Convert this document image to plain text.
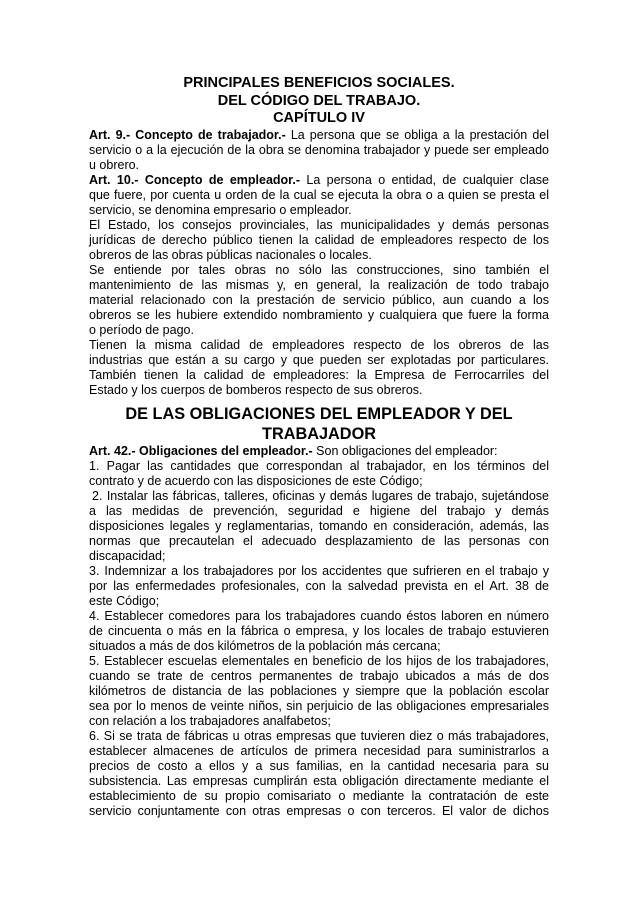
PRINCIPALES BENEFICIOS SOCIALES.
DEL CÓDIGO DEL TRABAJO.
CAPÍTULO IV
Art. 9.- Concepto de trabajador.- La persona que se obliga a la prestación del
servicio o a la ejecución de la obra se denomina trabajador y puede ser empleado
u obrero.
Art. 10.- Concepto de empleador.- La persona o entidad, de cualquier clase
que fuere, por cuenta u orden de la cual se ejecuta la obra o a quien se presta el
servicio, se denomina empresario o empleador.
El Estado, los consejos provinciales, las municipalidades y demás personas
jurídicas de derecho público tienen la calidad de empleadores respecto de los
obreros de las obras públicas nacionales o locales.
Se entiende por tales obras no sólo las construcciones, sino también el
mantenimiento de las mismas y, en general, la realización de todo trabajo
material relacionado con la prestación de servicio público, aun cuando a los
obreros se les hubiere extendido nombramiento y cualquiera que fuere la forma
o período de pago.
Tienen la misma calidad de empleadores respecto de los obreros de las
industrias que están a su cargo y que pueden ser explotadas por particulares.
También tienen la calidad de empleadores: la Empresa de Ferrocarriles del
Estado y los cuerpos de bomberos respecto de sus obreros.
DE LAS OBLIGACIONES DEL EMPLEADOR Y DEL
TRABAJADOR
Art. 42.- Obligaciones del empleador.- Son obligaciones del empleador:
1. Pagar las cantidades que correspondan al trabajador, en los términos del
contrato y de acuerdo con las disposiciones de este Código;
2. Instalar las fábricas, talleres, oficinas y demás lugares de trabajo, sujetándose
a las medidas de prevención, seguridad e higiene del trabajo y demás
disposiciones legales y reglamentarias, tomando en consideración, además, las
normas que precautelan el adecuado desplazamiento de las personas con
discapacidad;
3. Indemnizar a los trabajadores por los accidentes que sufrieren en el trabajo y
por las enfermedades profesionales, con la salvedad prevista en el Art. 38 de
este Código;
4. Establecer comedores para los trabajadores cuando éstos laboren en número
de cincuenta o más en la fábrica o empresa, y los locales de trabajo estuvieren
situados a más de dos kilómetros de la población más cercana;
5. Establecer escuelas elementales en beneficio de los hijos de los trabajadores,
cuando se trate de centros permanentes de trabajo ubicados a más de dos
kilómetros de distancia de las poblaciones y siempre que la población escolar
sea por lo menos de veinte niños, sin perjuicio de las obligaciones empresariales
con relación a los trabajadores analfabetos;
6. Si se trata de fábricas u otras empresas que tuvieren diez o más trabajadores,
establecer almacenes de artículos de primera necesidad para suministrarlos a
precios de costo a ellos y a sus familias, en la cantidad necesaria para su
subsistencia. Las empresas cumplirán esta obligación directamente mediante el
establecimiento de su propio comisariato o mediante la contratación de este
servicio conjuntamente con otras empresas o con terceros. El valor de dichos
